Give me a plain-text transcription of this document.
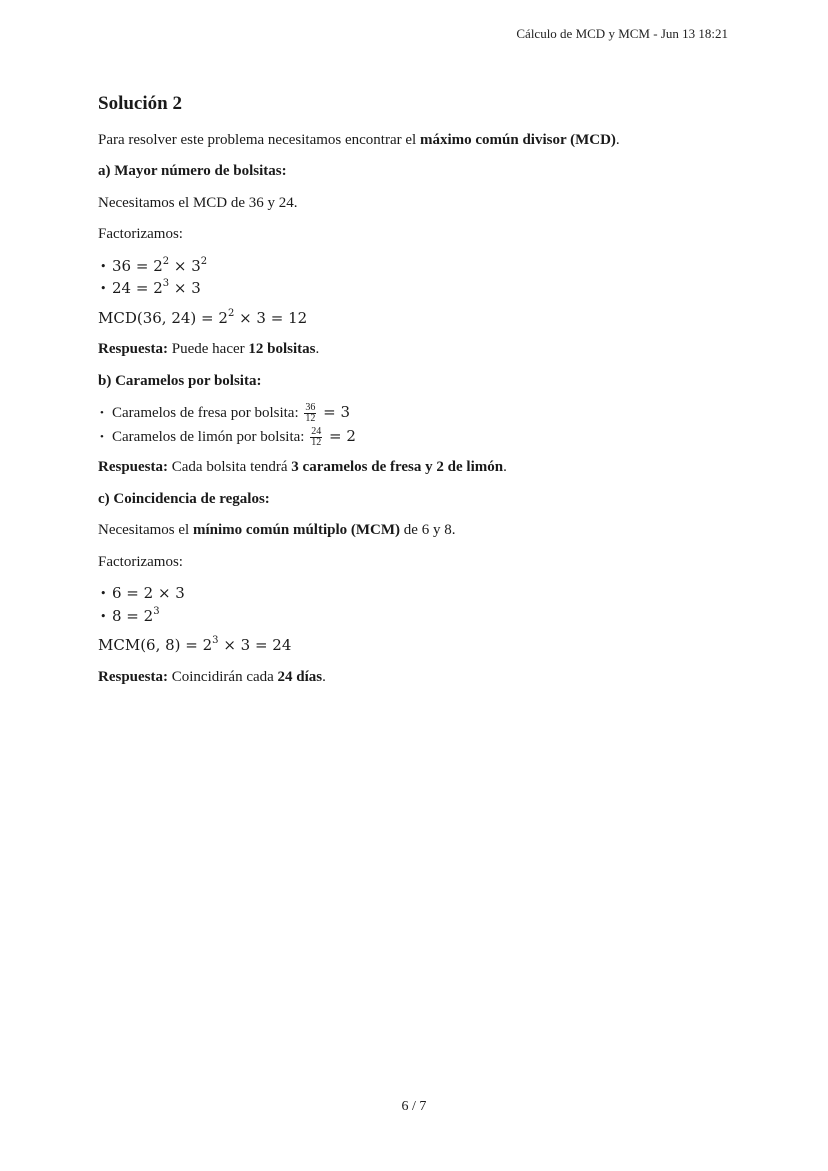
Cálculo de MCD y MCM - Jun 13 18:21
Solución 2

Para resolver este problema necesitamos encontrar el máximo común divisor (MCD).

a) Mayor número de bolsitas:

Necesitamos el MCD de 36 y 24.

Factorizamos:

• $36 = 2^2 \times 3^2$
• $24 = 2^3 \times 3$

MCD(36, $24) = 2^2 \times 3 = 12$

Respuesta: Puede hacer 12 bolsitas.

b) Caramelos por bolsita:

• Caramelos de fresa por bolsita: $\frac{36}{12} = 3$
• Caramelos de limón por bolsita: $\frac{24}{12} = 2$

Respuesta: Cada bolsita tendrá 3 caramelos de fresa y 2 de limón.

c) Coincidencia de regalos:

Necesitamos el mínimo común múltiplo (MCM) de 6 y 8.

Factorizamos:

• 6 = 2 × 3
• $8 = 2^3$

MCM(6, $8) = 2^3 \times 3 = 24$

Respuesta: Coincidirán cada 24 días.

6 / 7
